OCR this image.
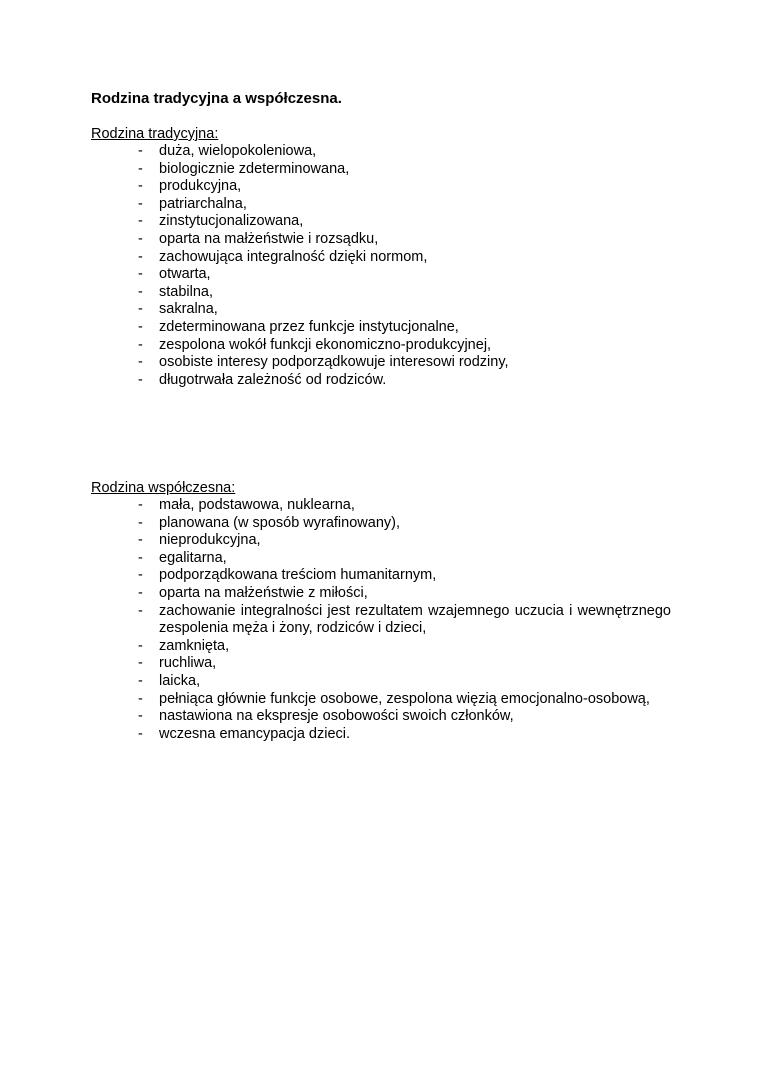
Rodzina tradycyjna a współczesna.

Rodzina tradycyjna:

- duża, wielopokoleniowa,
- biologicznie zdeterminowana,
- produkcyjna,
- patriarchalna,
- zinstytucjonalizowana,
- oparta na małżeństwie i rozsądku,
- zachowująca integralność dzięki normom,
- otwarta,
- stabilna,
- sakralna,
- zdeterminowana przez funkcje instytucjonalne,
- zespolona wokół funkcji ekonomiczno-produkcyjnej,
- osobiste interesy podporządkowuje interesowi rodziny,
- długotrwała zależność od rodziców.

Rodzina współczesna:

- mała, podstawowa, nuklearna,
- planowana (w sposób wyrafinowany),
- nieprodukcyjna,
- egalitarna,
- podporządkowana treściom humanitarnym,
- oparta na małżeństwie z miłości,
- zachowanie integralności jest rezultatem wzajemnego uczucia i wewnętrznego zespolenia męża i żony, rodziców i dzieci,
- zamknięta,
- ruchliwa,
- laicka,
- pełniąca głównie funkcje osobowe, zespolona więzią emocjonalno-osobową,
- nastawiona na ekspresje osobowości swoich członków,
- wczesna emancypacja dzieci.
